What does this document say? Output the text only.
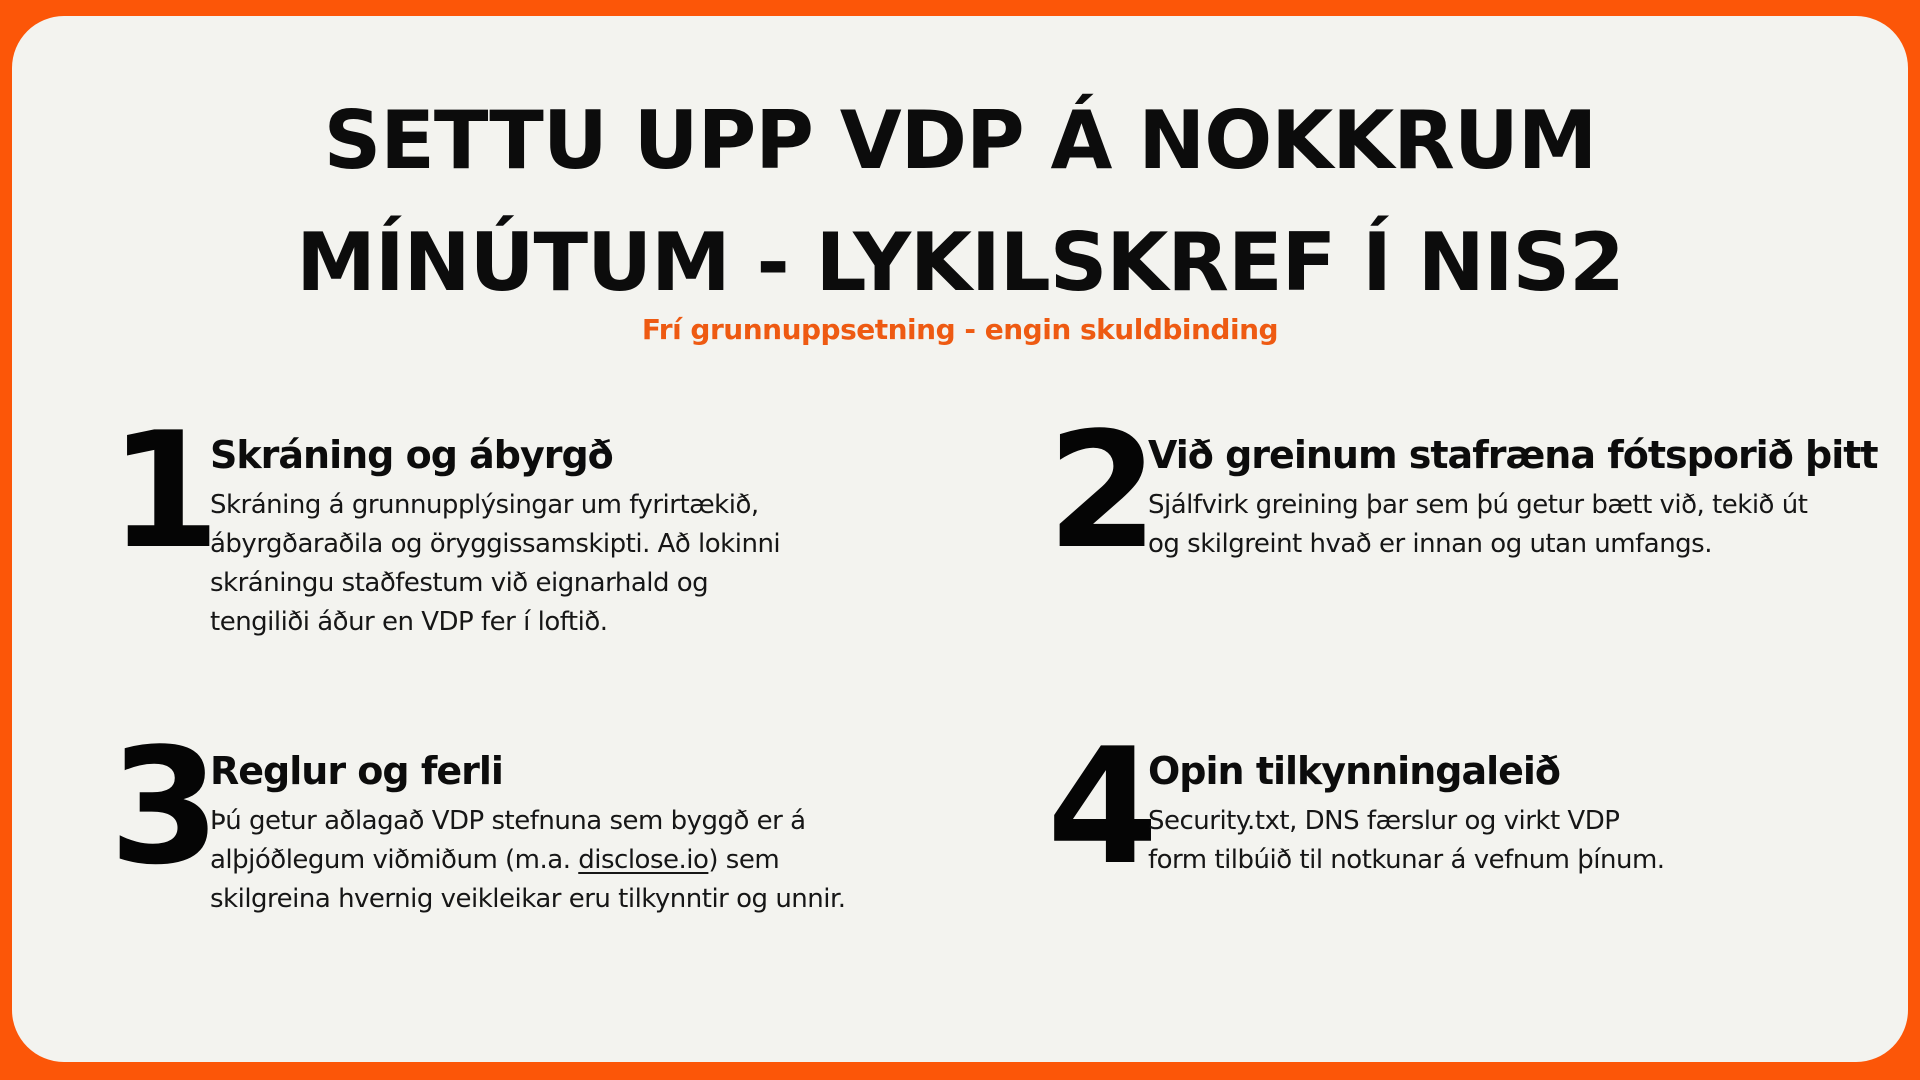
SETTU UPP VDP Á NOKKRUM
MÍNÚTUM - LYKILSKREF Í NIS2
Frí grunnuppsetning - engin skuldbinding
1
Skráning og ábyrgð
Skráning á grunnupplýsingar um fyrirtækið,
ábyrgðaraðila og öryggissamskipti. Að lokinni
skráningu staðfestum við eignarhald og
tengiliði áður en VDP fer í loftið.
2
Við greinum stafræna fótsporið þitt
Sjálfvirk greining þar sem þú getur bætt við, tekið út
og skilgreint hvað er innan og utan umfangs.
3
Reglur og ferli
Þú getur aðlagað VDP stefnuna sem byggð er á
alþjóðlegum viðmiðum (m.a. disclose.io) sem
skilgreina hvernig veikleikar eru tilkynntir og unnir. 4
Opin tilkynningaleið
Security.txt, DNS færslur og virkt VDP
form tilbúið til notkunar á vefnum þínum.
